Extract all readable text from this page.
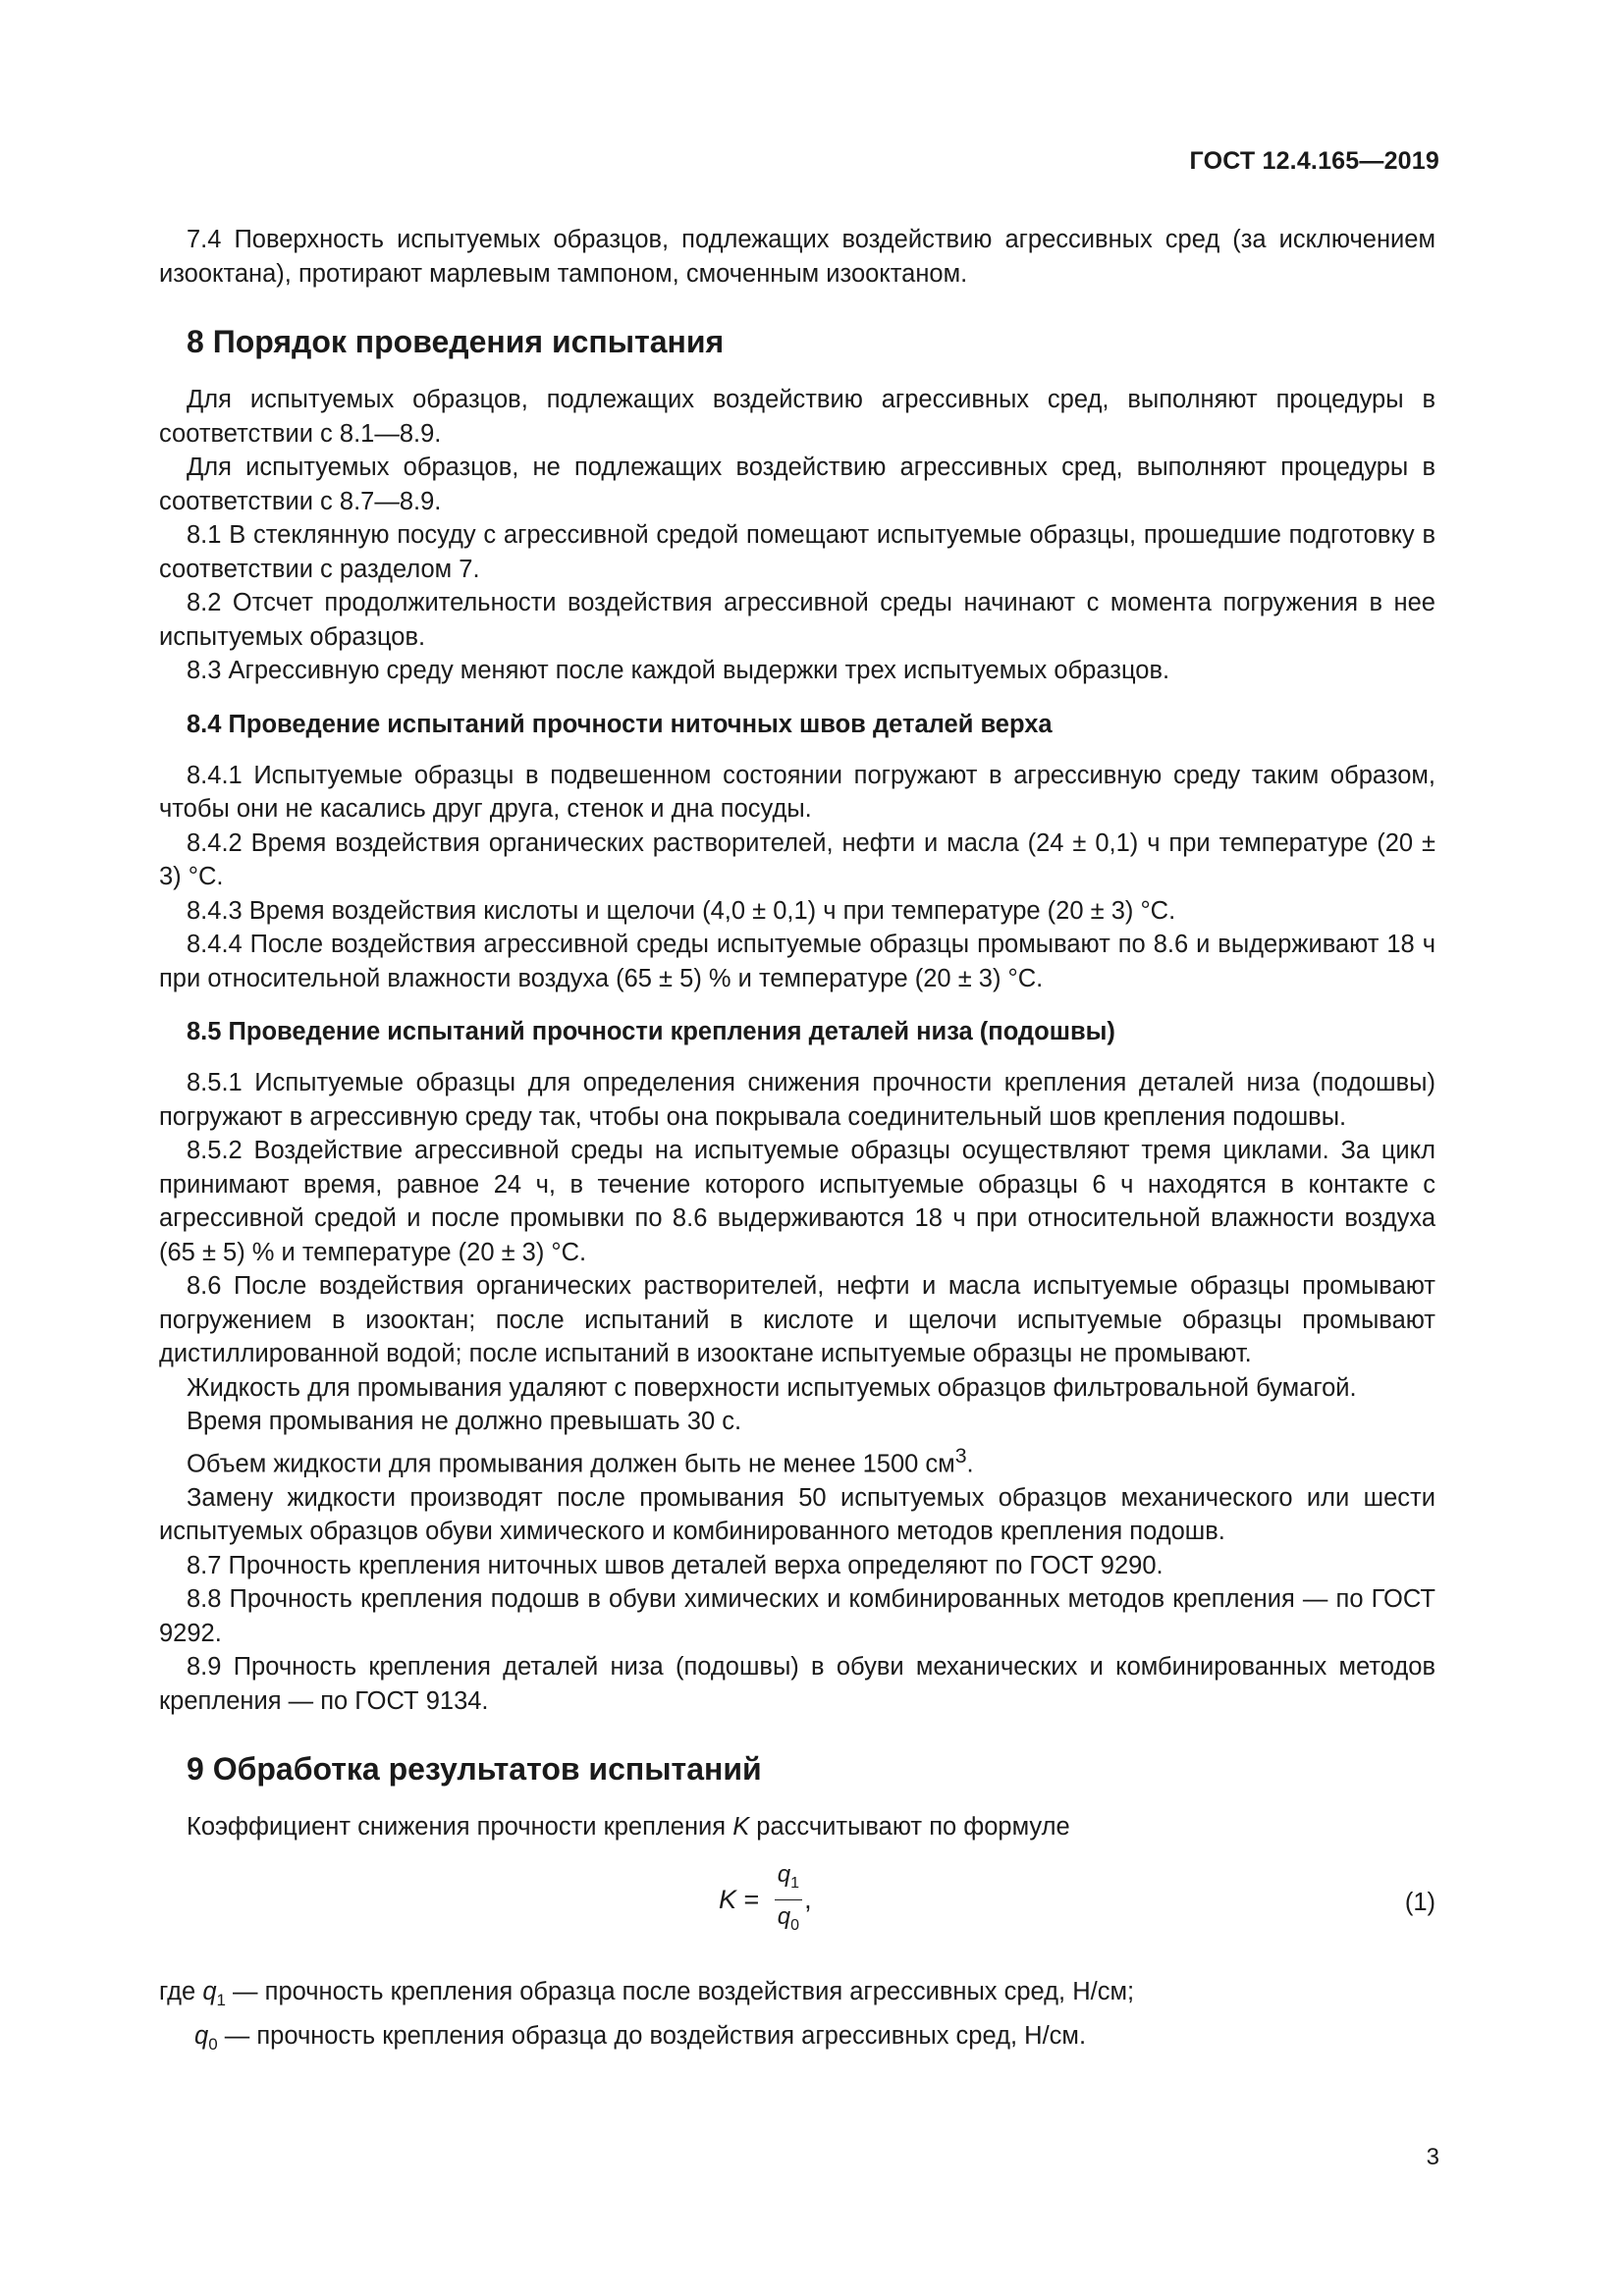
ГОСТ 12.4.165—2019

7.4 Поверхность испытуемых образцов, подлежащих воздействию агрессивных сред (за исключением изооктана), протирают марлевым тампоном, смоченным изооктаном.

8 Порядок проведения испытания

Для испытуемых образцов, подлежащих воздействию агрессивных сред, выполняют процедуры в соответствии с 8.1—8.9.

Для испытуемых образцов, не подлежащих воздействию агрессивных сред, выполняют процедуры в соответствии с 8.7—8.9.

8.1 В стеклянную посуду с агрессивной средой помещают испытуемые образцы, прошедшие подготовку в соответствии с разделом 7.

8.2 Отсчет продолжительности воздействия агрессивной среды начинают с момента погружения в нее испытуемых образцов.

8.3 Агрессивную среду меняют после каждой выдержки трех испытуемых образцов.

8.4 Проведение испытаний прочности ниточных швов деталей верха

8.4.1 Испытуемые образцы в подвешенном состоянии погружают в агрессивную среду таким образом, чтобы они не касались друг друга, стенок и дна посуды.

8.4.2 Время воздействия органических растворителей, нефти и масла (24 ± 0,1) ч при температуре (20 ± 3) °С.

8.4.3 Время воздействия кислоты и щелочи (4,0 ± 0,1) ч при температуре (20 ± 3) °С.

8.4.4 После воздействия агрессивной среды испытуемые образцы промывают по 8.6 и выдерживают 18 ч при относительной влажности воздуха (65 ± 5) % и температуре (20 ± 3) °С.

8.5 Проведение испытаний прочности крепления деталей низа (подошвы)

8.5.1 Испытуемые образцы для определения снижения прочности крепления деталей низа (подошвы) погружают в агрессивную среду так, чтобы она покрывала соединительный шов крепления подошвы.

8.5.2 Воздействие агрессивной среды на испытуемые образцы осуществляют тремя циклами. За цикл принимают время, равное 24 ч, в течение которого испытуемые образцы 6 ч находятся в контакте с агрессивной средой и после промывки по 8.6 выдерживаются 18 ч при относительной влажности воздуха (65 ± 5) % и температуре (20 ± 3) °С.

8.6 После воздействия органических растворителей, нефти и масла испытуемые образцы промывают погружением в изооктан; после испытаний в кислоте и щелочи испытуемые образцы промывают дистиллированной водой; после испытаний в изооктане испытуемые образцы не промывают.

Жидкость для промывания удаляют с поверхности испытуемых образцов фильтровальной бумагой.

Время промывания не должно превышать 30 с.

Объем жидкости для промывания должен быть не менее 1500 $см^3$.

Замену жидкости производят после промывания 50 испытуемых образцов механического или шести испытуемых образцов обуви химического и комбинированного методов крепления подошв.

8.7 Прочность крепления ниточных швов деталей верха определяют по ГОСТ 9290.

8.8 Прочность крепления подошв в обуви химических и комбинированных методов крепления — по ГОСТ 9292.

8.9 Прочность крепления деталей низа (подошвы) в обуви механических и комбинированных методов крепления — по ГОСТ 9134.

9 Обработка результатов испытаний

Коэффициент снижения прочности крепления K рассчитывают по формуле

$K = \frac{q_1}{q_0}$ ,	(1)
где $q_1$ — прочность крепления образца после воздействия агрессивных сред, Н/см;
$q_0$ — прочность крепления образца до воздействия агрессивных сред, Н/см.
3
